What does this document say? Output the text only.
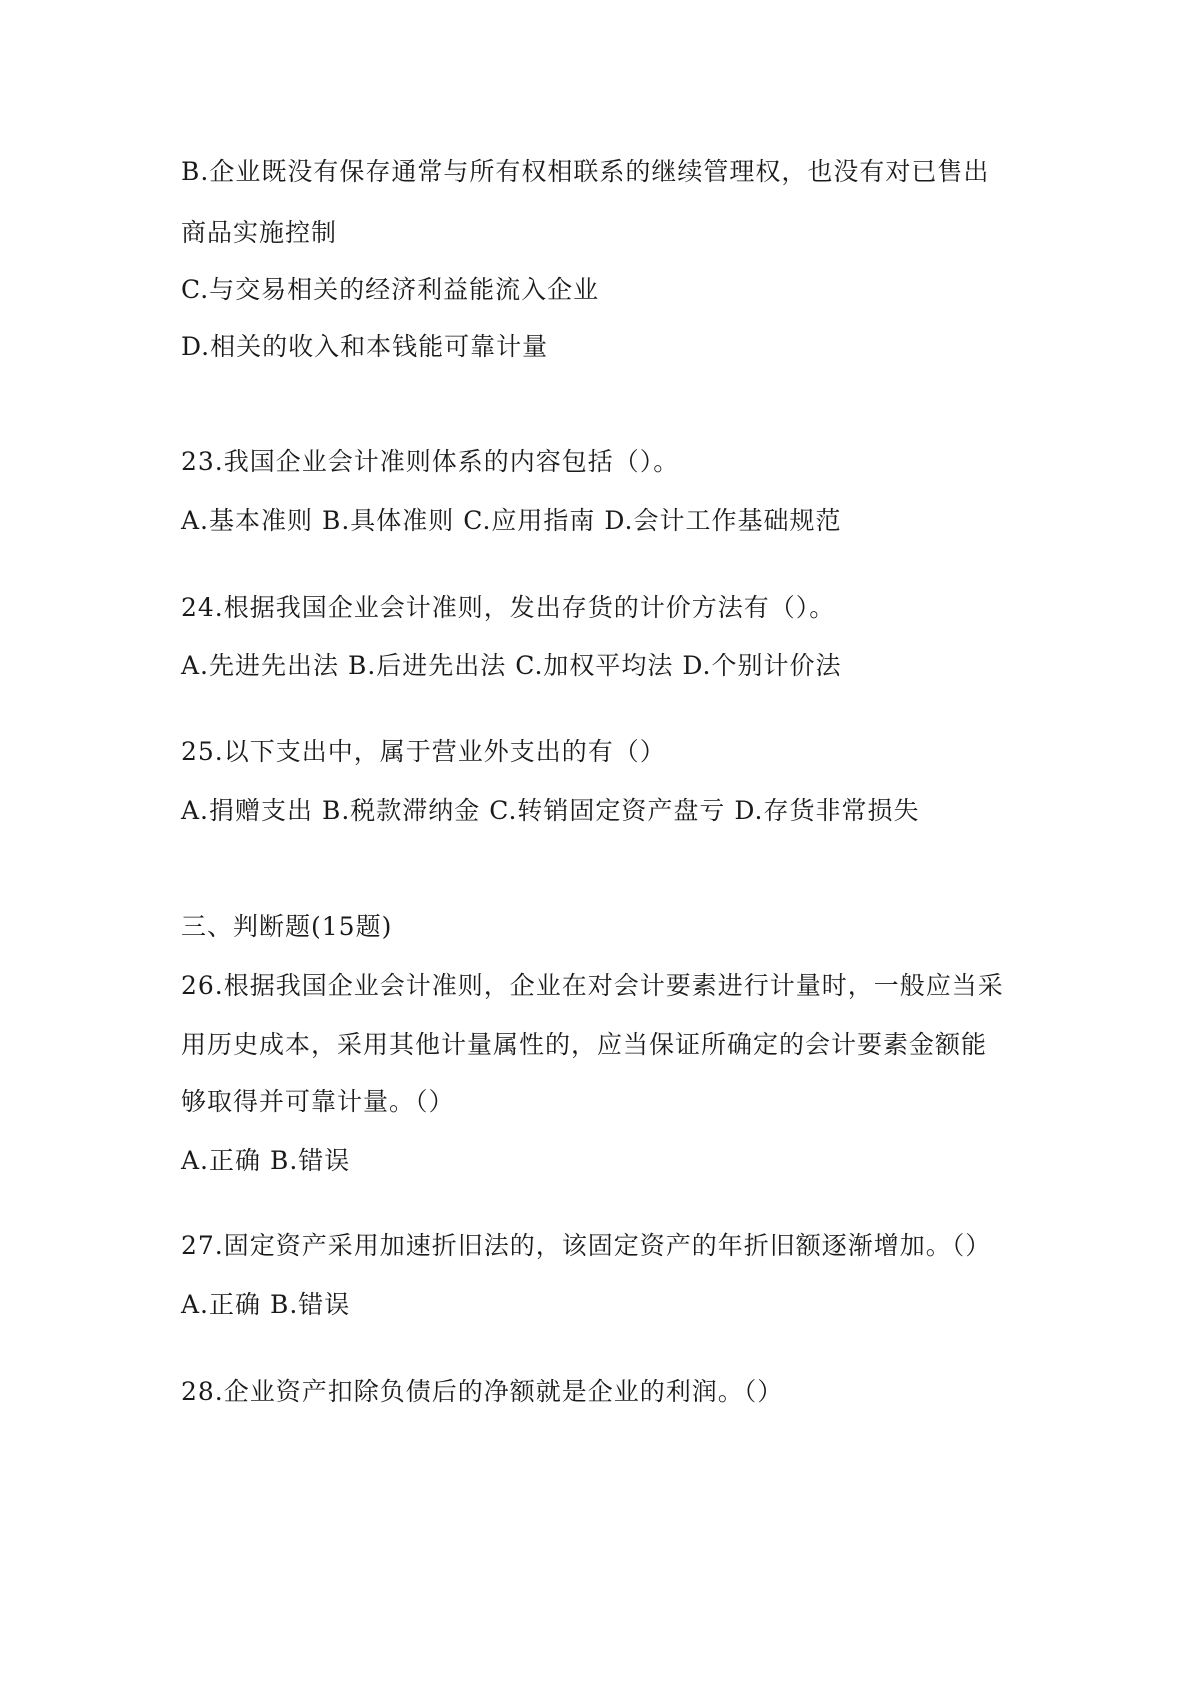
B.企业既没有保存通常与所有权相联系的继续管理权，也没有对已售出
商品实施控制
C.与交易相关的经济利益能流入企业
D.相关的收入和本钱能可靠计量
23.我国企业会计准则体系的内容包括（）。
A.基本准则 B.具体准则 C.应用指南 D.会计工作基础规范
24.根据我国企业会计准则，发出存货的计价方法有（）。
A.先进先出法 B.后进先出法 C.加权平均法 D.个别计价法
25.以下支出中，属于营业外支出的有（）
A.捐赠支出 B.税款滞纳金 C.转销固定资产盘亏 D.存货非常损失
三、判断题(15题)
26.根据我国企业会计准则，企业在对会计要素进行计量时，一般应当采
用历史成本，采用其他计量属性的，应当保证所确定的会计要素金额能
够取得并可靠计量。（）
A.正确 B.错误
27.固定资产采用加速折旧法的，该固定资产的年折旧额逐渐增加。（）
A.正确 B.错误
28.企业资产扣除负债后的净额就是企业的利润。（）
